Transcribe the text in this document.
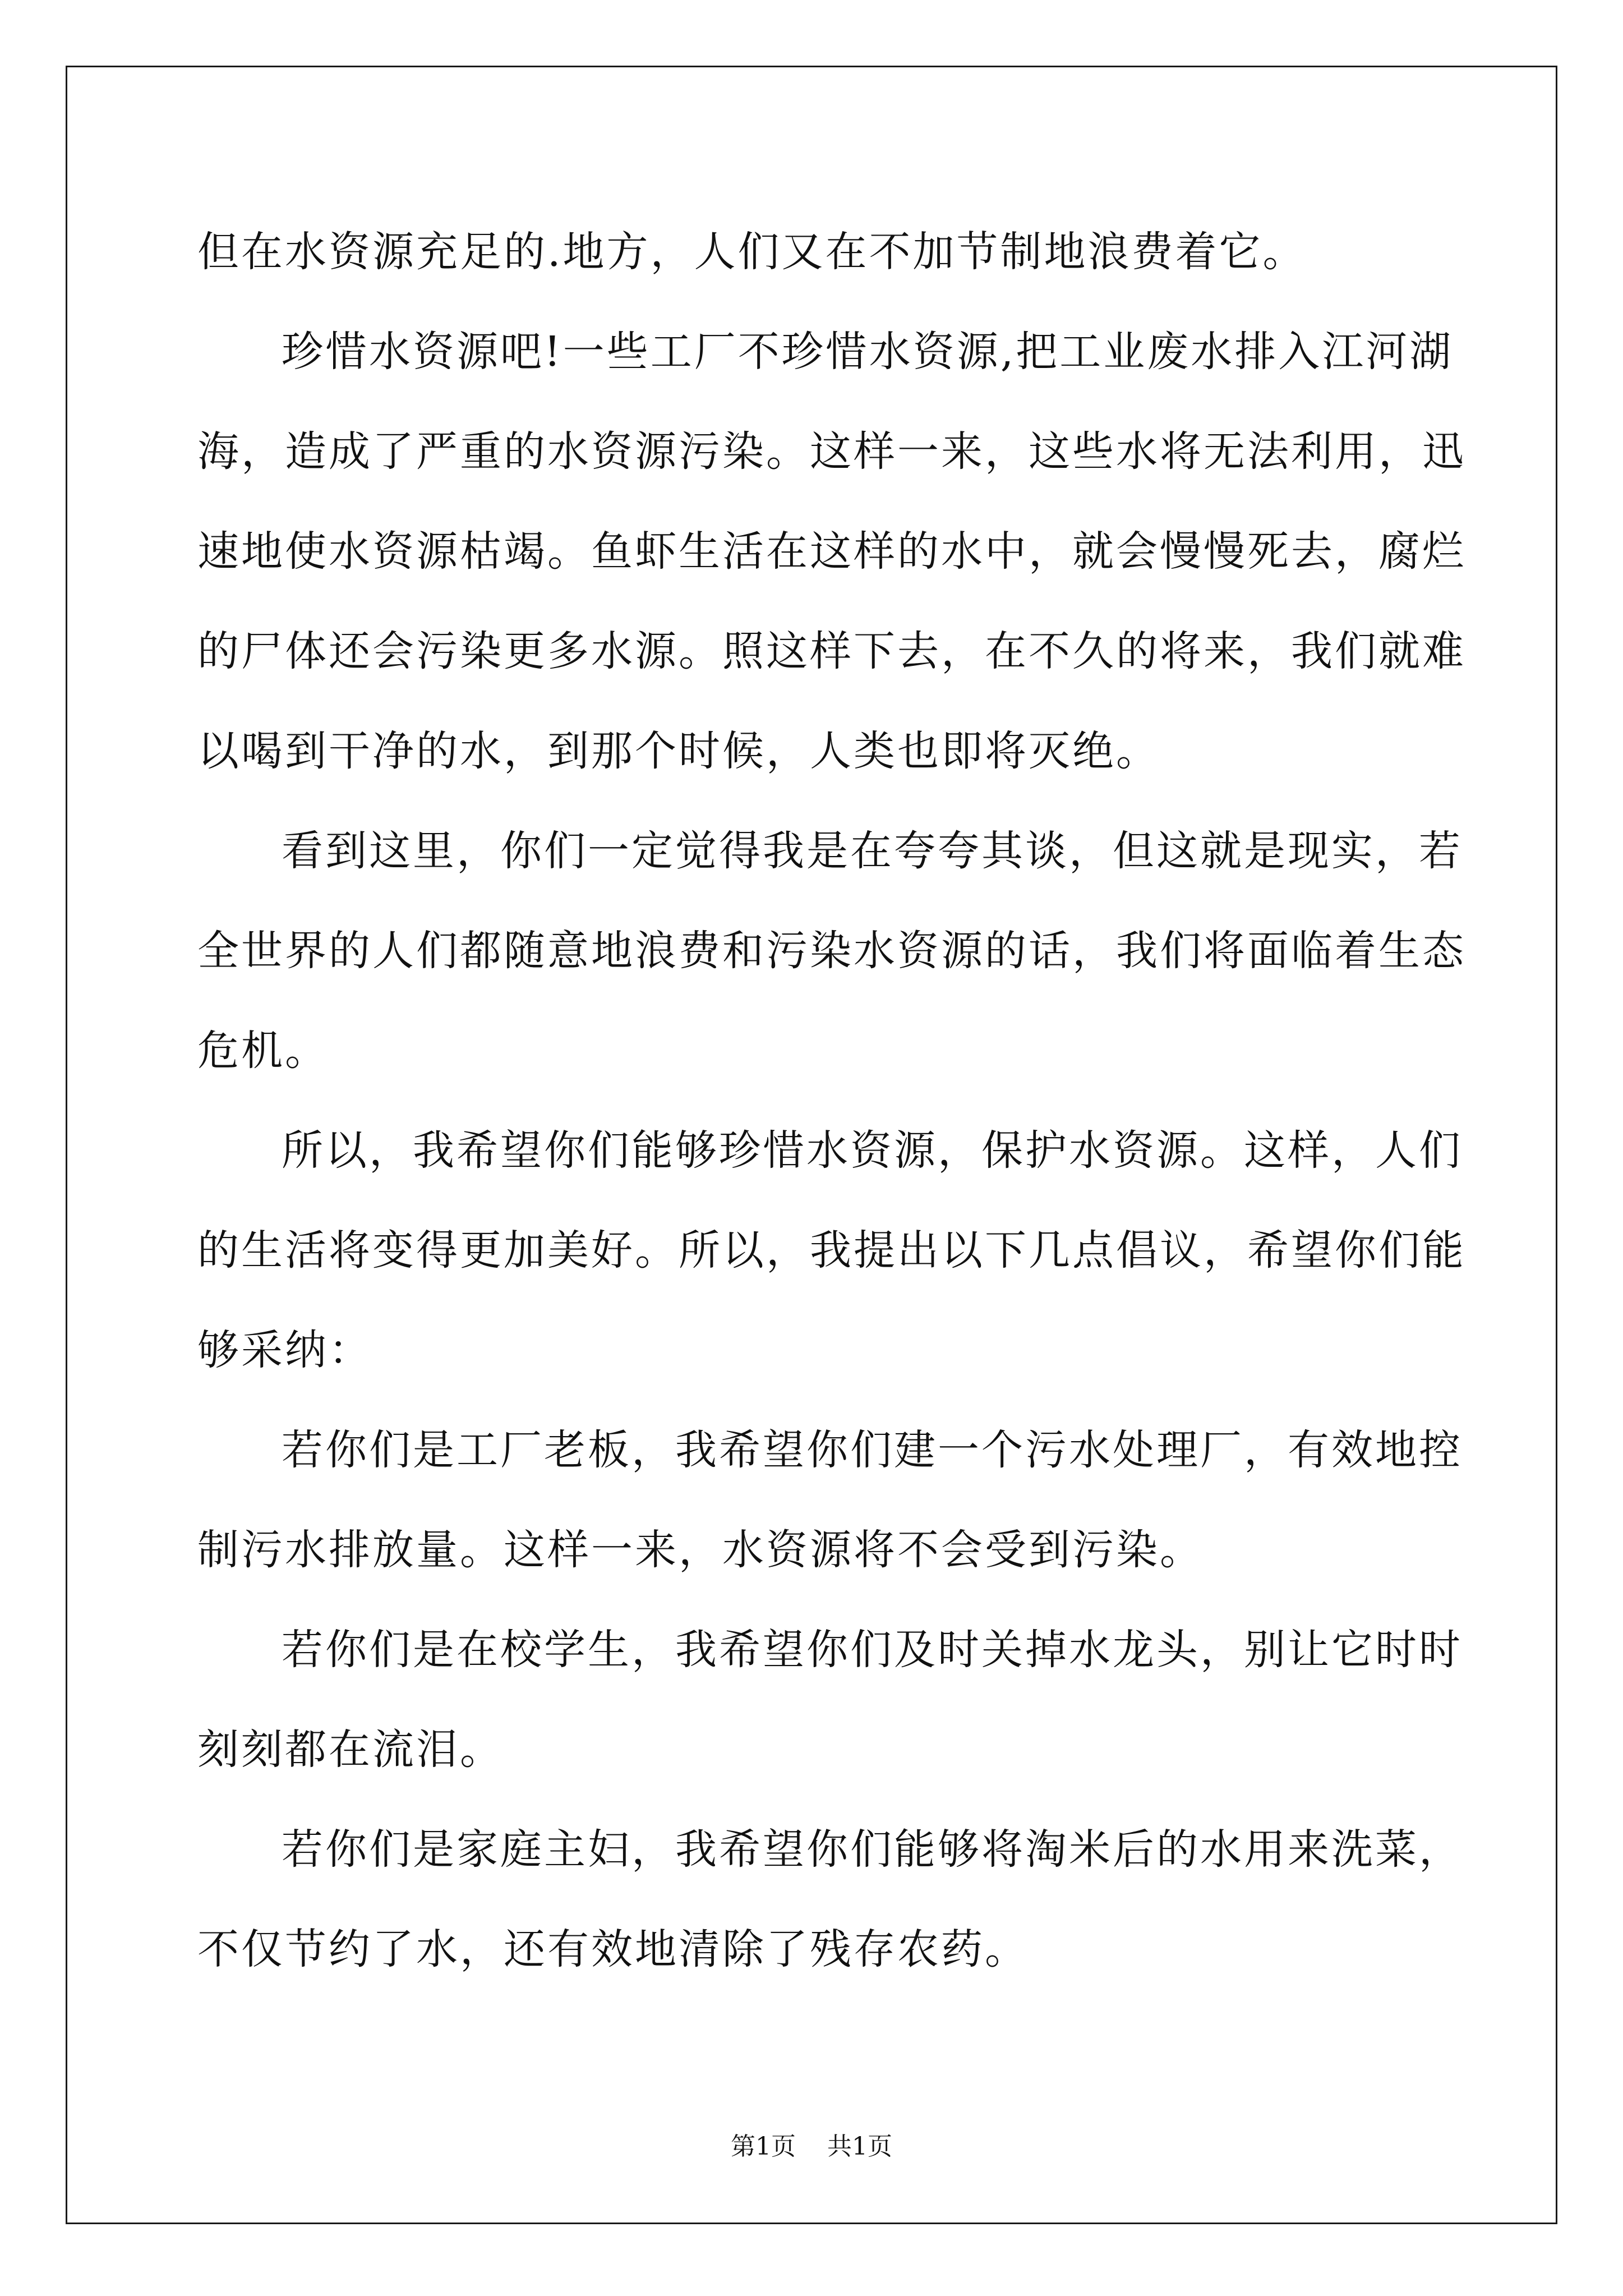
但在水资源充足的.地方，人们又在不加节制地浪费着它。

珍惜水资源吧!一些工厂不珍惜水资源,把工业废水排入江河湖海，造成了严重的水资源污染。这样一来，这些水将无法利用，迅速地使水资源枯竭。鱼虾生活在这样的水中，就会慢慢死去，腐烂的尸体还会污染更多水源。照这样下去，在不久的将来，我们就难以喝到干净的水，到那个时候，人类也即将灭绝。

看到这里，你们一定觉得我是在夸夸其谈，但这就是现实，若全世界的人们都随意地浪费和污染水资源的话，我们将面临着生态危机。

所以，我希望你们能够珍惜水资源，保护水资源。这样，人们的生活将变得更加美好。所以，我提出以下几点倡议，希望你们能够采纳：

若你们是工厂老板，我希望你们建一个污水处理厂，有效地控制污水排放量。这样一来，水资源将不会受到污染。

若你们是在校学生，我希望你们及时关掉水龙头，别让它时时刻刻都在流泪。

若你们是家庭主妇，我希望你们能够将淘米后的水用来洗菜，不仅节约了水，还有效地清除了残存农药。

第1页 共1页
